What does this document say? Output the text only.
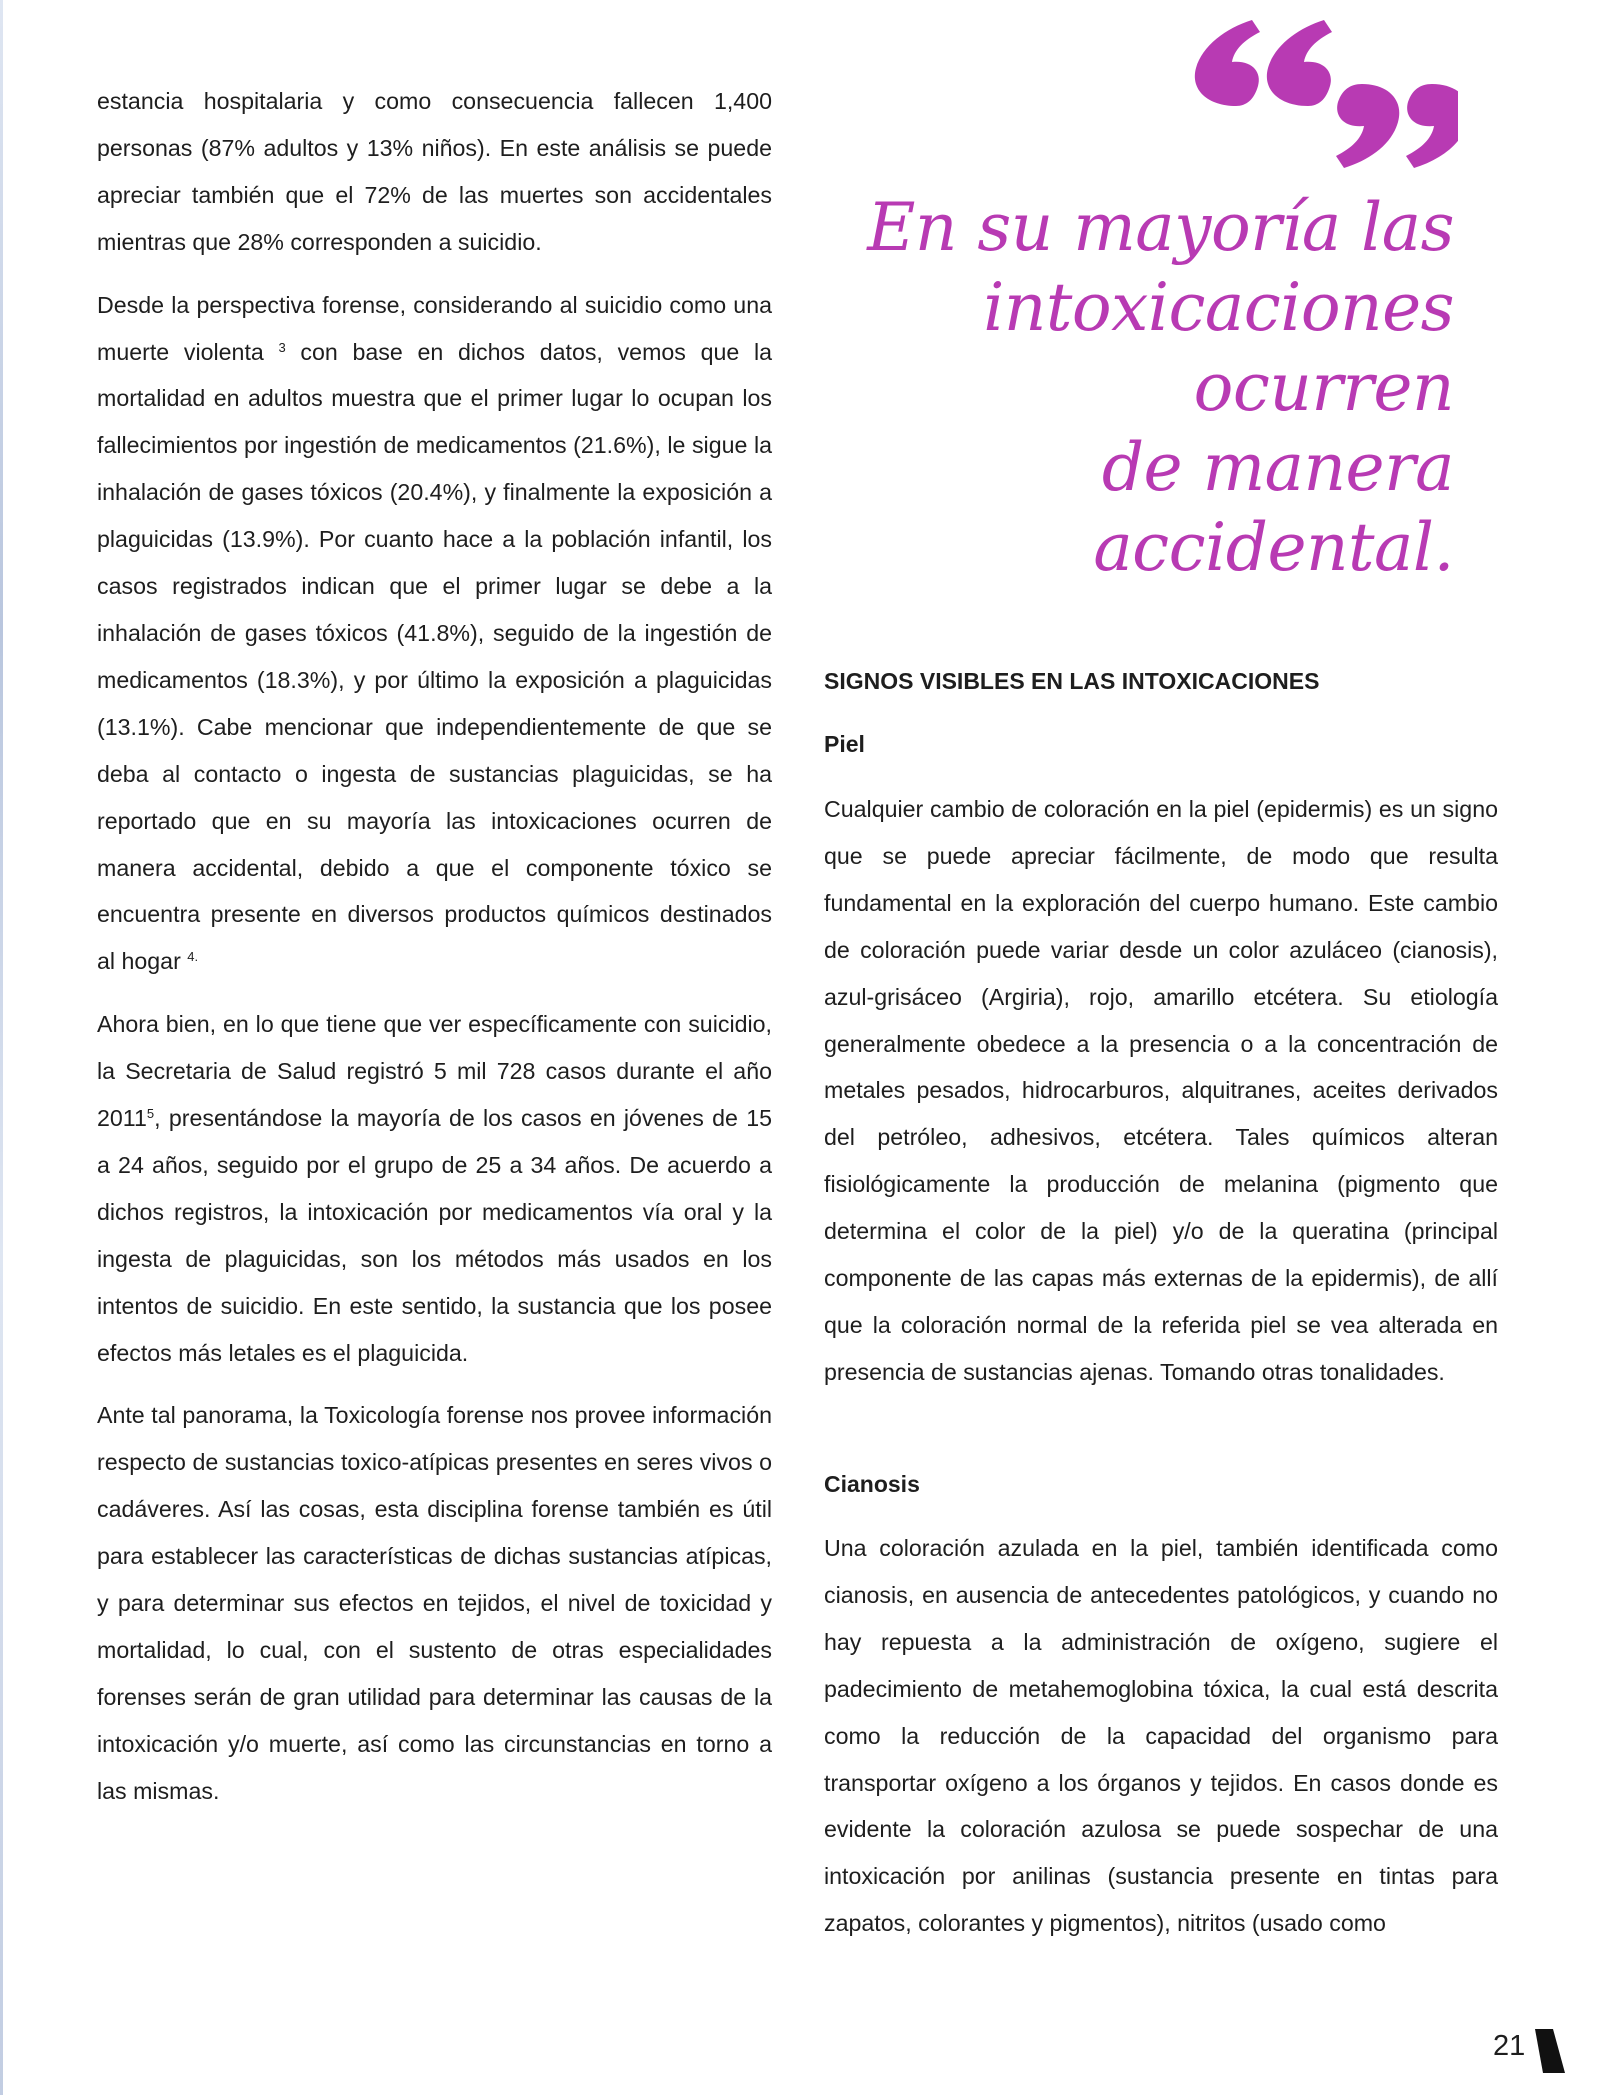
estancia hospitalaria y como consecuencia fallecen 1,400 personas (87% adultos y 13% niños). En este análisis se puede apreciar también que el 72% de las muertes son accidentales mientras que 28% corresponden a suicidio.

Desde la perspectiva forense, considerando al suicidio como una muerte violenta $^3$ con base en dichos datos, vemos que la mortalidad en adultos muestra que el primer lugar lo ocupan los fallecimientos por ingestión de medicamentos (21.6%), le sigue la inhalación de gases tóxicos (20.4%), y finalmente la exposición a plaguicidas (13.9%). Por cuanto hace a la población infantil, los casos registrados indican que el primer lugar se debe a la inhalación de gases tóxicos (41.8%), seguido de la ingestión de medicamentos (18.3%), y por último la exposición a plaguicidas (13.1%). Cabe mencionar que independientemente de que se deba al contacto o ingesta de sustancias plaguicidas, se ha reportado que en su mayoría las intoxicaciones ocurren de manera accidental, debido a que el componente tóxico se encuentra presente en diversos productos químicos destinados al hogar $^{4.}$

Ahora bien, en lo que tiene que ver específicamente con suicidio, la Secretaria de Salud registró 5 mil 728 casos durante el año 2011$^5$, presentándose la mayoría de los casos en jóvenes de 15 a 24 años, seguido por el grupo de 25 a 34 años. De acuerdo a dichos registros, la intoxicación por medicamentos vía oral y la ingesta de plaguicidas, son los métodos más usados en los intentos de suicidio. En este sentido, la sustancia que los posee efectos más letales es el plaguicida.

Ante tal panorama, la Toxicología forense nos provee información respecto de sustancias toxico-atípicas presentes en seres vivos o cadáveres. Así las cosas, esta disciplina forense también es útil para establecer las características de dichas sustancias atípicas, y para determinar sus efectos en tejidos, el nivel de toxicidad y mortalidad, lo cual, con el sustento de otras especialidades forenses serán de gran utilidad para determinar las causas de la intoxicación y/o muerte, así como las circunstancias en torno a las mismas.

En su mayoría las
intoxicaciones
ocurren
de manera
accidental.
SIGNOS VISIBLES EN LAS INTOXICACIONES
Piel

Cualquier cambio de coloración en la piel (epidermis) es un signo que se puede apreciar fácilmente, de modo que resulta fundamental en la exploración del cuerpo humano. Este cambio de coloración puede variar desde un color azuláceo (cianosis), azul-grisáceo (Argiria), rojo, amarillo etcétera. Su etiología generalmente obedece a la presencia o a la concentración de metales pesados, hidrocarburos, alquitranes, aceites derivados del petróleo, adhesivos, etcétera. Tales químicos alteran fisiológicamente la producción de melanina (pigmento que determina el color de la piel) y/o de la queratina (principal componente de las capas más externas de la epidermis), de allí que la coloración normal de la referida piel se vea alterada en presencia de sustancias ajenas. Tomando otras tonalidades.

Cianosis

Una coloración azulada en la piel, también identificada como cianosis, en ausencia de antecedentes patológicos, y cuando no hay repuesta a la administración de oxígeno, sugiere el padecimiento de metahemoglobina tóxica, la cual está descrita como la reducción de la capacidad del organismo para transportar oxígeno a los órganos y tejidos. En casos donde es evidente la coloración azulosa se puede sospechar de una intoxicación por anilinas (sustancia presente en tintas para zapatos, colorantes y pigmentos), nitritos (usado como

21
